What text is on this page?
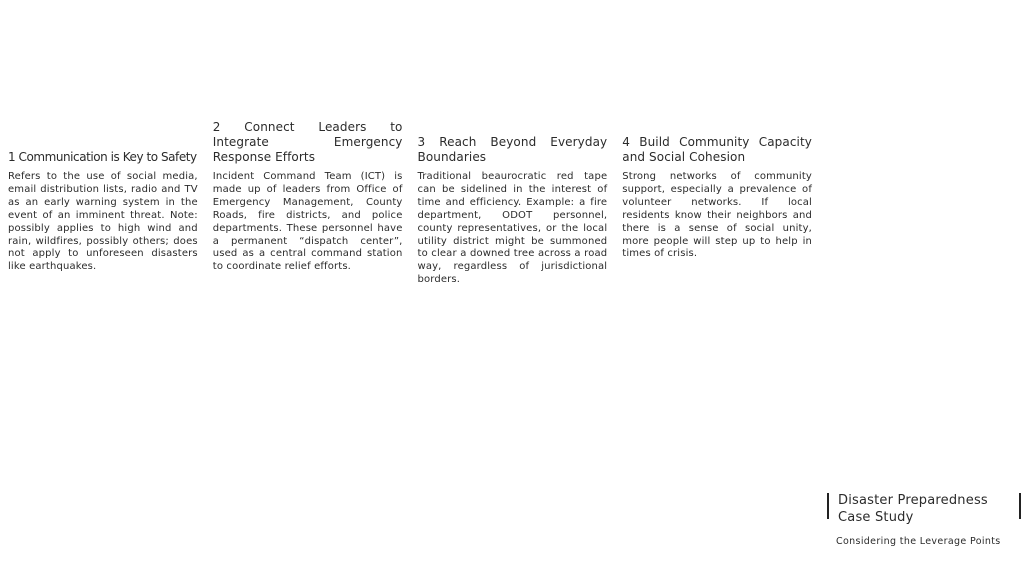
1 Communication is Key to Safety

Refers to the use of social media, email distribution lists, radio and TV as an early warning system in the event of an imminent threat. Note: possibly applies to high wind and rain, wildfires, possibly others; does not apply to unforeseen disasters like earthquakes.

2 Connect Leaders to Integrate Emergency Response Efforts

Incident Command Team (ICT) is made up of leaders from Office of Emergency Management, County Roads, fire districts, and police departments. These personnel have a permanent “dispatch center”, used as a central command station to coordinate relief efforts.

3 Reach Beyond Everyday Boundaries

Traditional beaurocratic red tape can be sidelined in the interest of time and efficiency. Example: a fire department, ODOT personnel, county representatives, or the local utility district might be summoned to clear a downed tree across a road way, regardless of jurisdictional borders.

4 Build Community Capacity and Social Cohesion

Strong networks of community support, especially a prevalence of volunteer networks. If local residents know their neighbors and there is a sense of social unity, more people will step up to help in times of crisis.

Disaster Preparedness Case Study
Considering the Leverage Points
